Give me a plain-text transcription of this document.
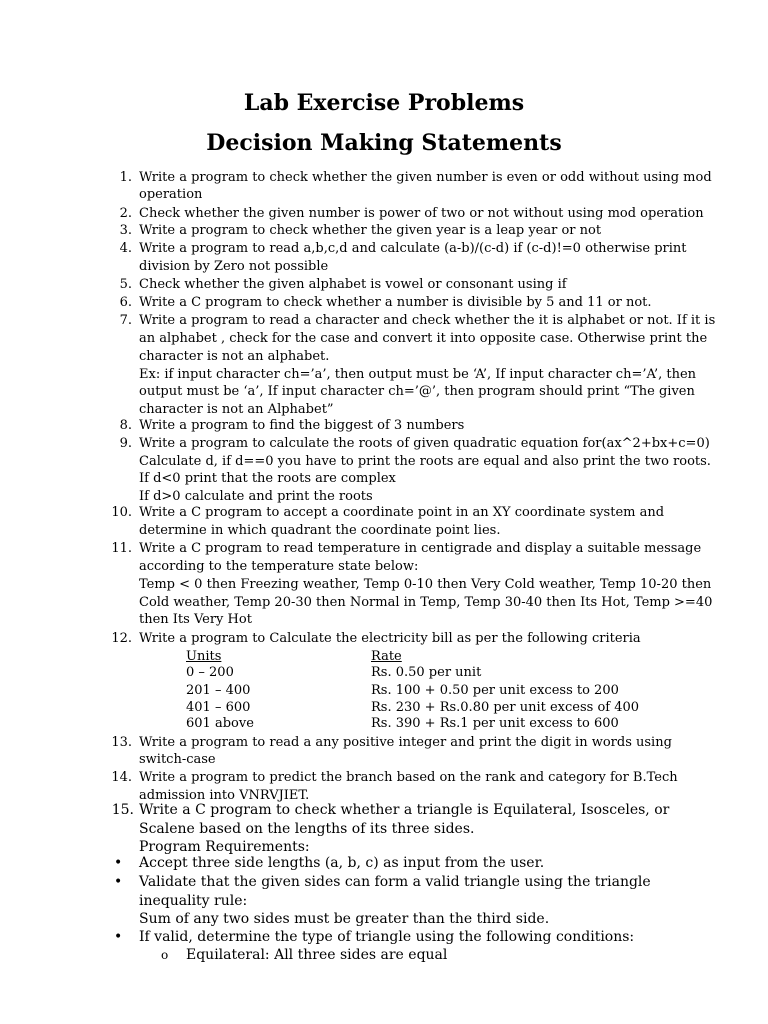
Lab Exercise Problems
Decision Making Statements
1. Write a program to check whether the given number is even or odd without using mod
operation
2. Check whether the given number is power of two or not without using mod operation
3. Write a program to check whether the given year is a leap year or not
4. Write a program to read a,b,c,d and calculate (a-b)/(c-d) if (c-d)!=0 otherwise print
division by Zero not possible
5. Check whether the given alphabet is vowel or consonant using if
6. Write a C program to check whether a number is divisible by 5 and 11 or not.
7. Write a program to read a character and check whether the it is alphabet or not. If it is
an alphabet , check for the case and convert it into opposite case. Otherwise print the
character is not an alphabet.
Ex: if input character ch=’a’, then output must be ‘A’, If input character ch=’A’, then
output must be ‘a’, If input character ch=’@’, then program should print “The given
character is not an Alphabet”
8. Write a program to find the biggest of 3 numbers
9. Write a program to calculate the roots of given quadratic equation for(ax^2+bx+c=0)
Calculate d, if d==0 you have to print the roots are equal and also print the two roots.
If d<0 print that the roots are complex
If d>0 calculate and print the roots
10. Write a C program to accept a coordinate point in an XY coordinate system and
determine in which quadrant the coordinate point lies.
11. Write a C program to read temperature in centigrade and display a suitable message
according to the temperature state below:
Temp < 0 then Freezing weather, Temp 0-10 then Very Cold weather, Temp 10-20 then
Cold weather, Temp 20-30 then Normal in Temp, Temp 30-40 then Its Hot, Temp >=40
then Its Very Hot
12. Write a program to Calculate the electricity bill as per the following criteria
13. Write a program to read a any positive integer and print the digit in words using
switch-case
14. Write a program to predict the branch based on the rank and category for B.Tech
admission into VNRVJIET.
15. Write a C program to check whether a triangle is Equilateral, Isosceles, or
Scalene based on the lengths of its three sides.
Program Requirements:
Units	Rate
0 – 200	Rs. 0.50 per unit
201 – 400	Rs. 100 + 0.50 per unit excess to 200
401 – 600	Rs. 230 + Rs.0.80 per unit excess of 400
601 above	Rs. 390 + Rs.1 per unit excess to 600
• Accept three side lengths (a, b, c) as input from the user.
• Validate that the given sides can form a valid triangle using the triangle
inequality rule:
Sum of any two sides must be greater than the third side.
• If valid, determine the type of triangle using the following conditions:
o Equilateral: All three sides are equal
